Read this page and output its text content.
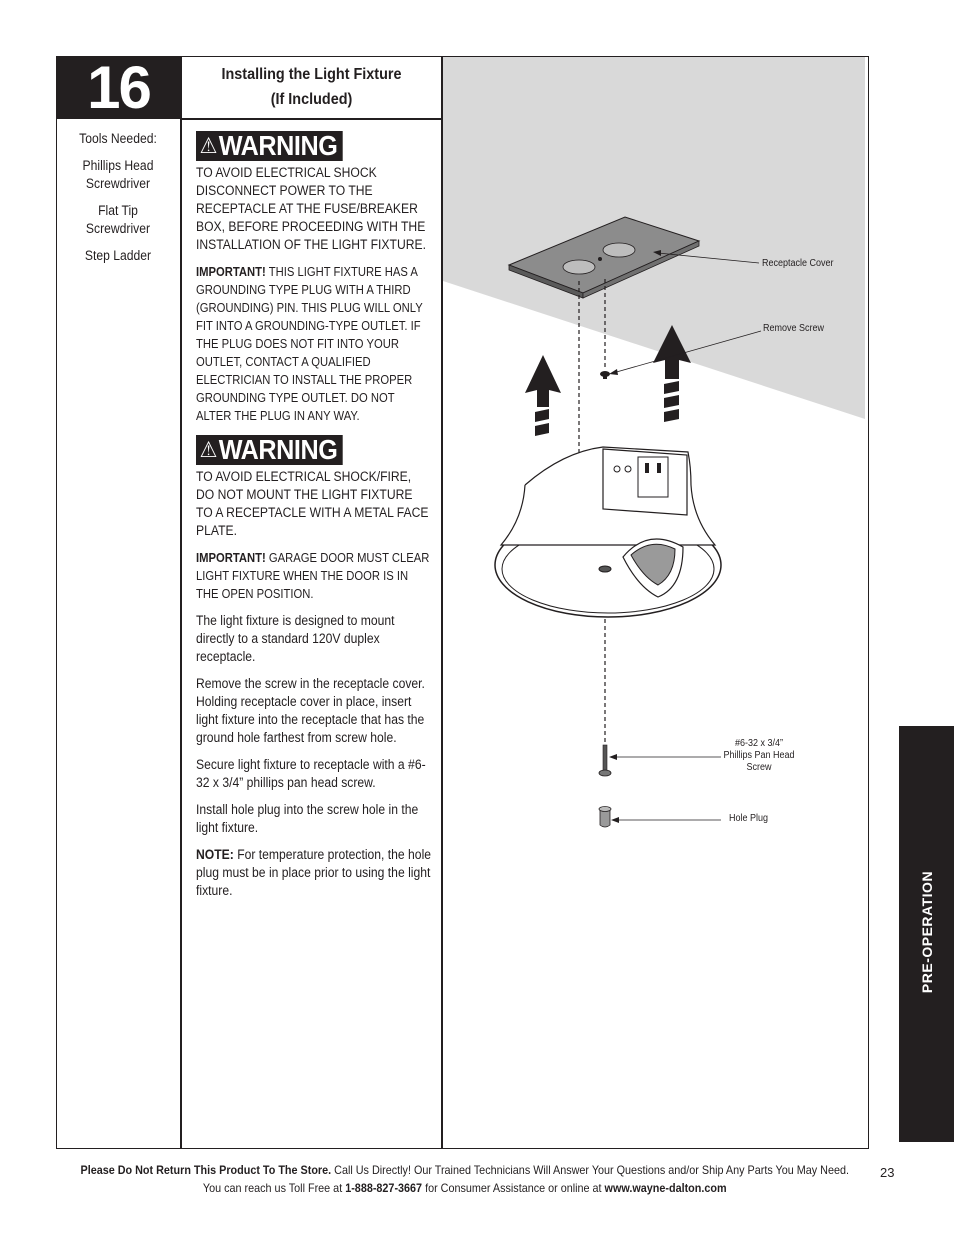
16	Installing the Light Fixture
(If Included)
Tools Needed:
Phillips Head Screwdriver
Flat Tip Screwdriver
Step Ladder
⚠WARNING

TO AVOID ELECTRICAL SHOCK DISCONNECT POWER TO THE RECEPTACLE AT THE FUSE/BREAKER BOX, BEFORE PROCEEDING WITH THE INSTALLATION OF THE LIGHT FIXTURE.

IMPORTANT! THIS LIGHT FIXTURE HAS A GROUNDING TYPE PLUG WITH A THIRD (GROUNDING) PIN. THIS PLUG WILL ONLY FIT INTO A GROUNDING-TYPE OUTLET. IF THE PLUG DOES NOT FIT INTO YOUR OUTLET, CONTACT A QUALIFIED ELECTRICIAN TO INSTALL THE PROPER GROUNDING TYPE OUTLET. DO NOT ALTER THE PLUG IN ANY WAY.

⚠WARNING

TO AVOID ELECTRICAL SHOCK/FIRE, DO NOT MOUNT THE LIGHT FIXTURE TO A RECEPTACLE WITH A METAL FACE PLATE.

IMPORTANT! GARAGE DOOR MUST CLEAR LIGHT FIXTURE WHEN THE DOOR IS IN THE OPEN POSITION.

The light fixture is designed to mount directly to a standard 120V duplex receptacle.

Remove the screw in the receptacle cover. Holding receptacle cover in place, insert light fixture into the receptacle that has the ground hole farthest from screw hole.

Secure light fixture to receptacle with a #6-32 x 3/4” phillips pan head screw.

Install hole plug into the screw hole in the light fixture.

NOTE: For temperature protection, the hole plug must be in place prior to using the light fixture.

Receptacle Cover
Remove Screw
#6-32 x 3/4”
Phillips Pan Head
Screw
Hole Plug
PRE-OPERATION
Please Do Not Return This Product To The Store. Call Us Directly! Our Trained Technicians Will Answer Your Questions and/or Ship Any Parts You May Need.
You can reach us Toll Free at 1-888-827-3667 for Consumer Assistance or online at www.wayne-dalton.com
23
